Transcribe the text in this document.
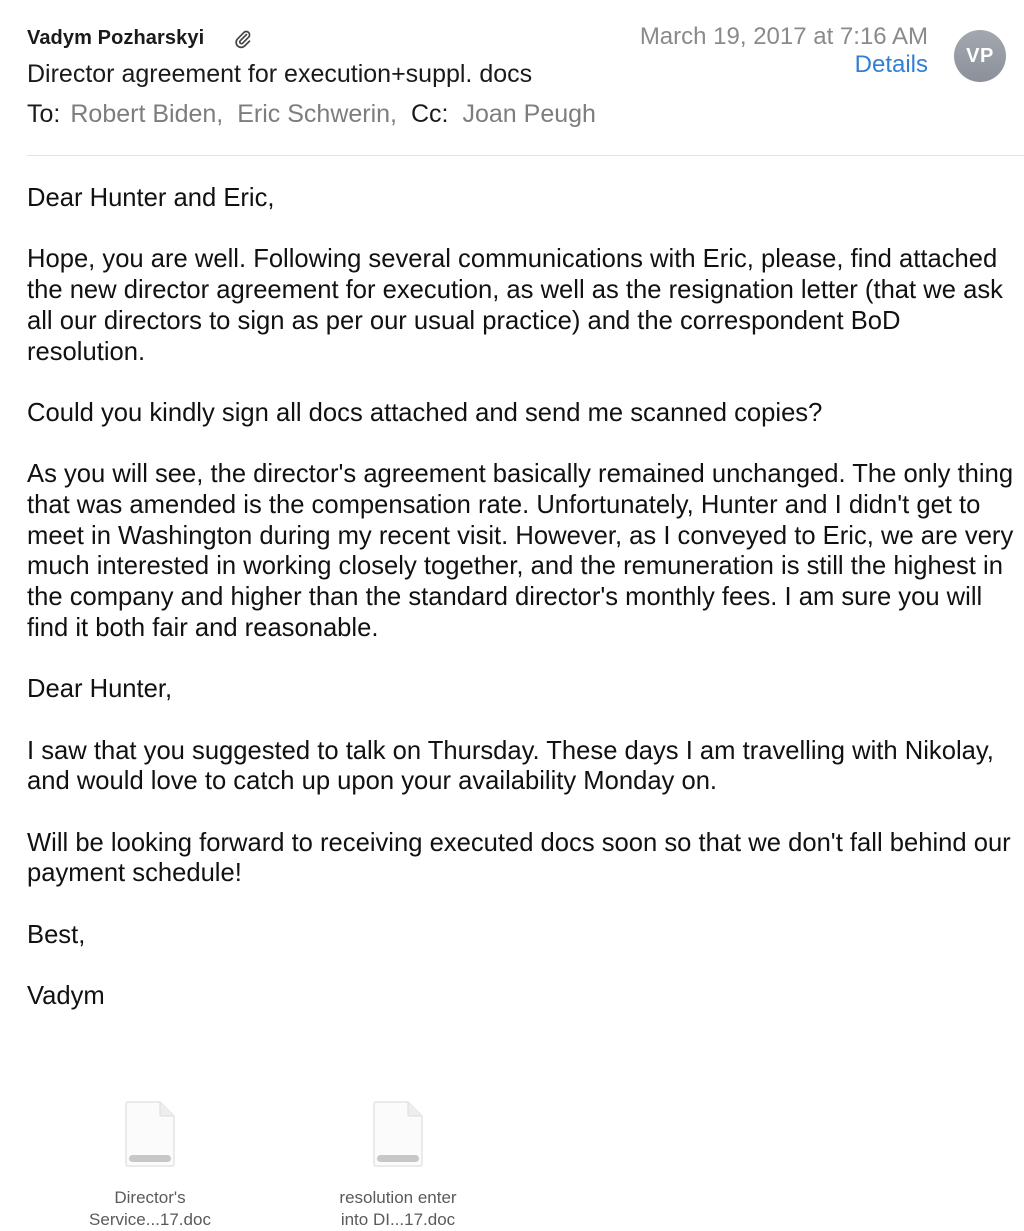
Vadym Pozharskyi
Director agreement for execution+suppl. docs
To: Robert Biden, Eric Schwerin, Cc: Joan Peugh
March 19, 2017 at 7:16 AM
Details	VP

Dear Hunter and Eric,

Hope, you are well. Following several communications with Eric, please, find attached the new director agreement for execution, as well as the resignation letter (that we ask all our directors to sign as per our usual practice) and the correspondent BoD resolution.

Could you kindly sign all docs attached and send me scanned copies?

As you will see, the director's agreement basically remained unchanged. The only thing that was amended is the compensation rate. Unfortunately, Hunter and I didn't get to meet in Washington during my recent visit. However, as I conveyed to Eric, we are very much interested in working closely together, and the remuneration is still the highest in the company and higher than the standard director's monthly fees. I am sure you will find it both fair and reasonable.

Dear Hunter,

I saw that you suggested to talk on Thursday. These days I am travelling with Nikolay, and would love to catch up upon your availability Monday on.

Will be looking forward to receiving executed docs soon so that we don't fall behind our payment schedule!

Best,

Vadym

Director's
Service...17.doc
resolution enter
into DI...17.doc
